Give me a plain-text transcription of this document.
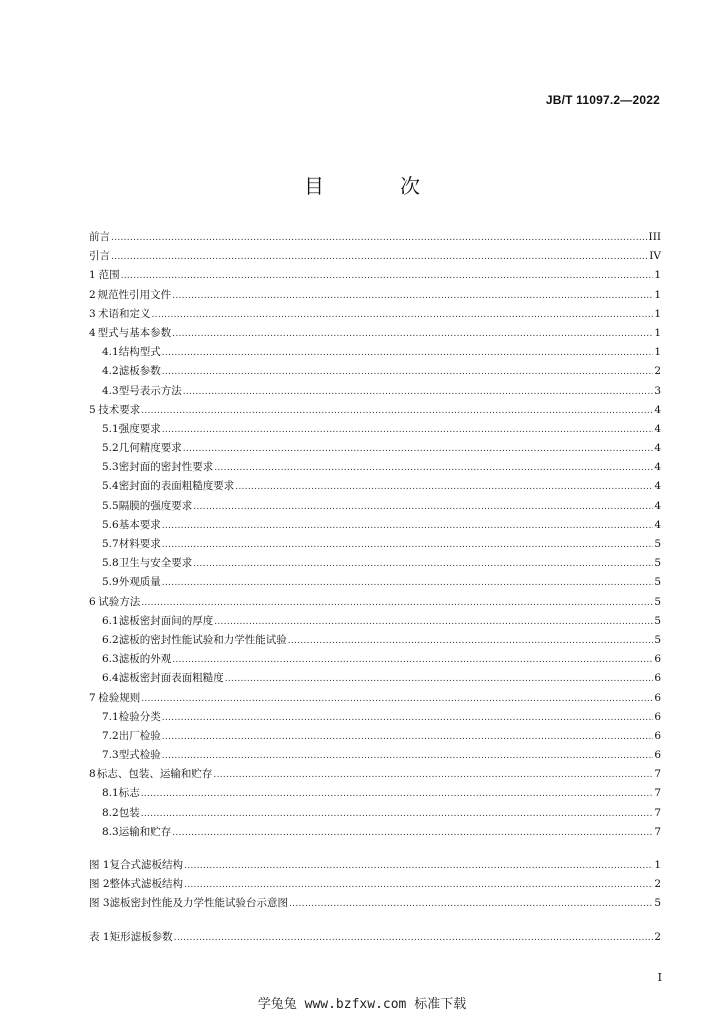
JB/T 11097.2—2022
目　次
前言 .....	III
引言 .....	IV
1 范围 .....	1
2 规范性引用文件 .....	1
3 术语和定义 .....	1
4 型式与基本参数 .....	1
4.1 结构型式 .....	1
4.2 滤板参数 .....	2
4.3 型号表示方法 .....	3
5 技术要求 .....	4
5.1 强度要求 .....	4
5.2 几何精度要求 .....	4
5.3 密封面的密封性要求 .....	4
5.4 密封面的表面粗糙度要求 .....	4
5.5 隔膜的强度要求 .....	4
5.6 基本要求 .....	4
5.7 材料要求 .....	5
5.8 卫生与安全要求 .....	5
5.9 外观质量 .....	5
6 试验方法 .....	5
6.1 滤板密封面间的厚度 .....	5
6.2 滤板的密封性能试验和力学性能试验 .....	5
6.3 滤板的外观 .....	6
6.4 滤板密封面表面粗糙度 .....	6
7 检验规则 .....	6
7.1 检验分类 .....	6
7.2 出厂检验 .....	6
7.3 型式检验 .....	6
8 标志、包装、运输和贮存 .....	7
8.1 标志 .....	7
8.2 包装 .....	7
8.3 运输和贮存 .....	7
图 1 复合式滤板结构 .....	1
图 2 整体式滤板结构 .....	2
图 3 滤板密封性能及力学性能试验台示意图 .....	5
表 1 矩形滤板参数 .....	2
I
学兔兔 www.bzfxw.com 标准下载
